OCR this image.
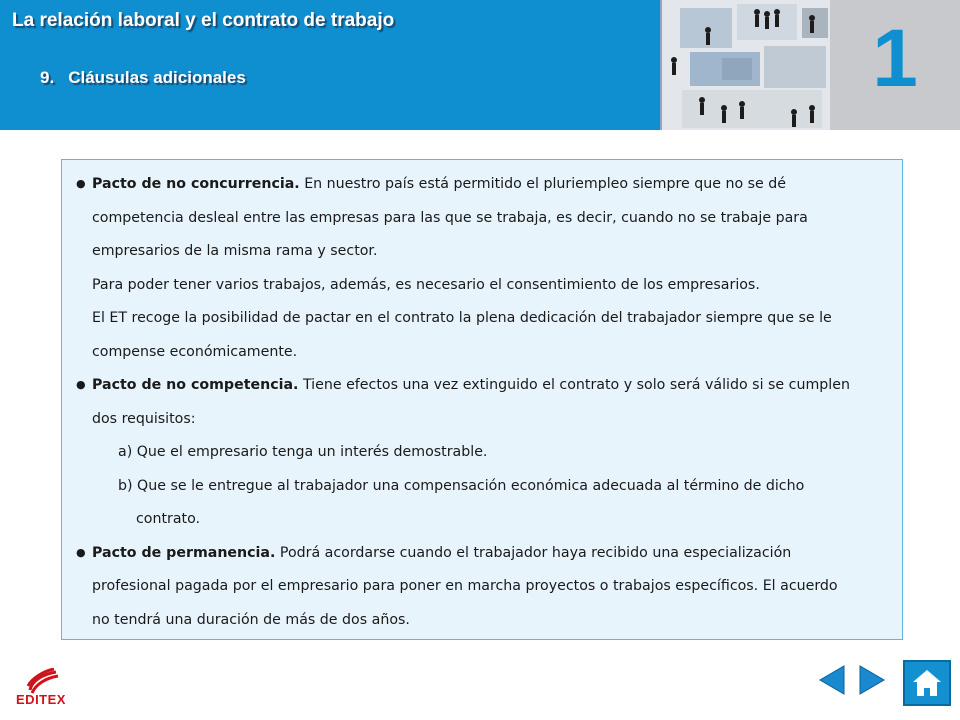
La relación laboral y el contrato de trabajo
9. Cláusulas adicionales	1
● Pacto de no concurrencia. En nuestro país está permitido el pluriempleo siempre que no se dé
competencia desleal entre las empresas para las que se trabaja, es decir, cuando no se trabaje para
empresarios de la misma rama y sector.
Para poder tener varios trabajos, además, es necesario el consentimiento de los empresarios.
El ET recoge la posibilidad de pactar en el contrato la plena dedicación del trabajador siempre que se le
compense económicamente.
● Pacto de no competencia. Tiene efectos una vez extinguido el contrato y solo será válido si se cumplen
dos requisitos:
a) Que el empresario tenga un interés demostrable.
b) Que se le entregue al trabajador una compensación económica adecuada al término de dicho
contrato.
● Pacto de permanencia. Podrá acordarse cuando el trabajador haya recibido una especialización
profesional pagada por el empresario para poner en marcha proyectos o trabajos específicos. El acuerdo
no tendrá una duración de más de dos años.
EDITEX
